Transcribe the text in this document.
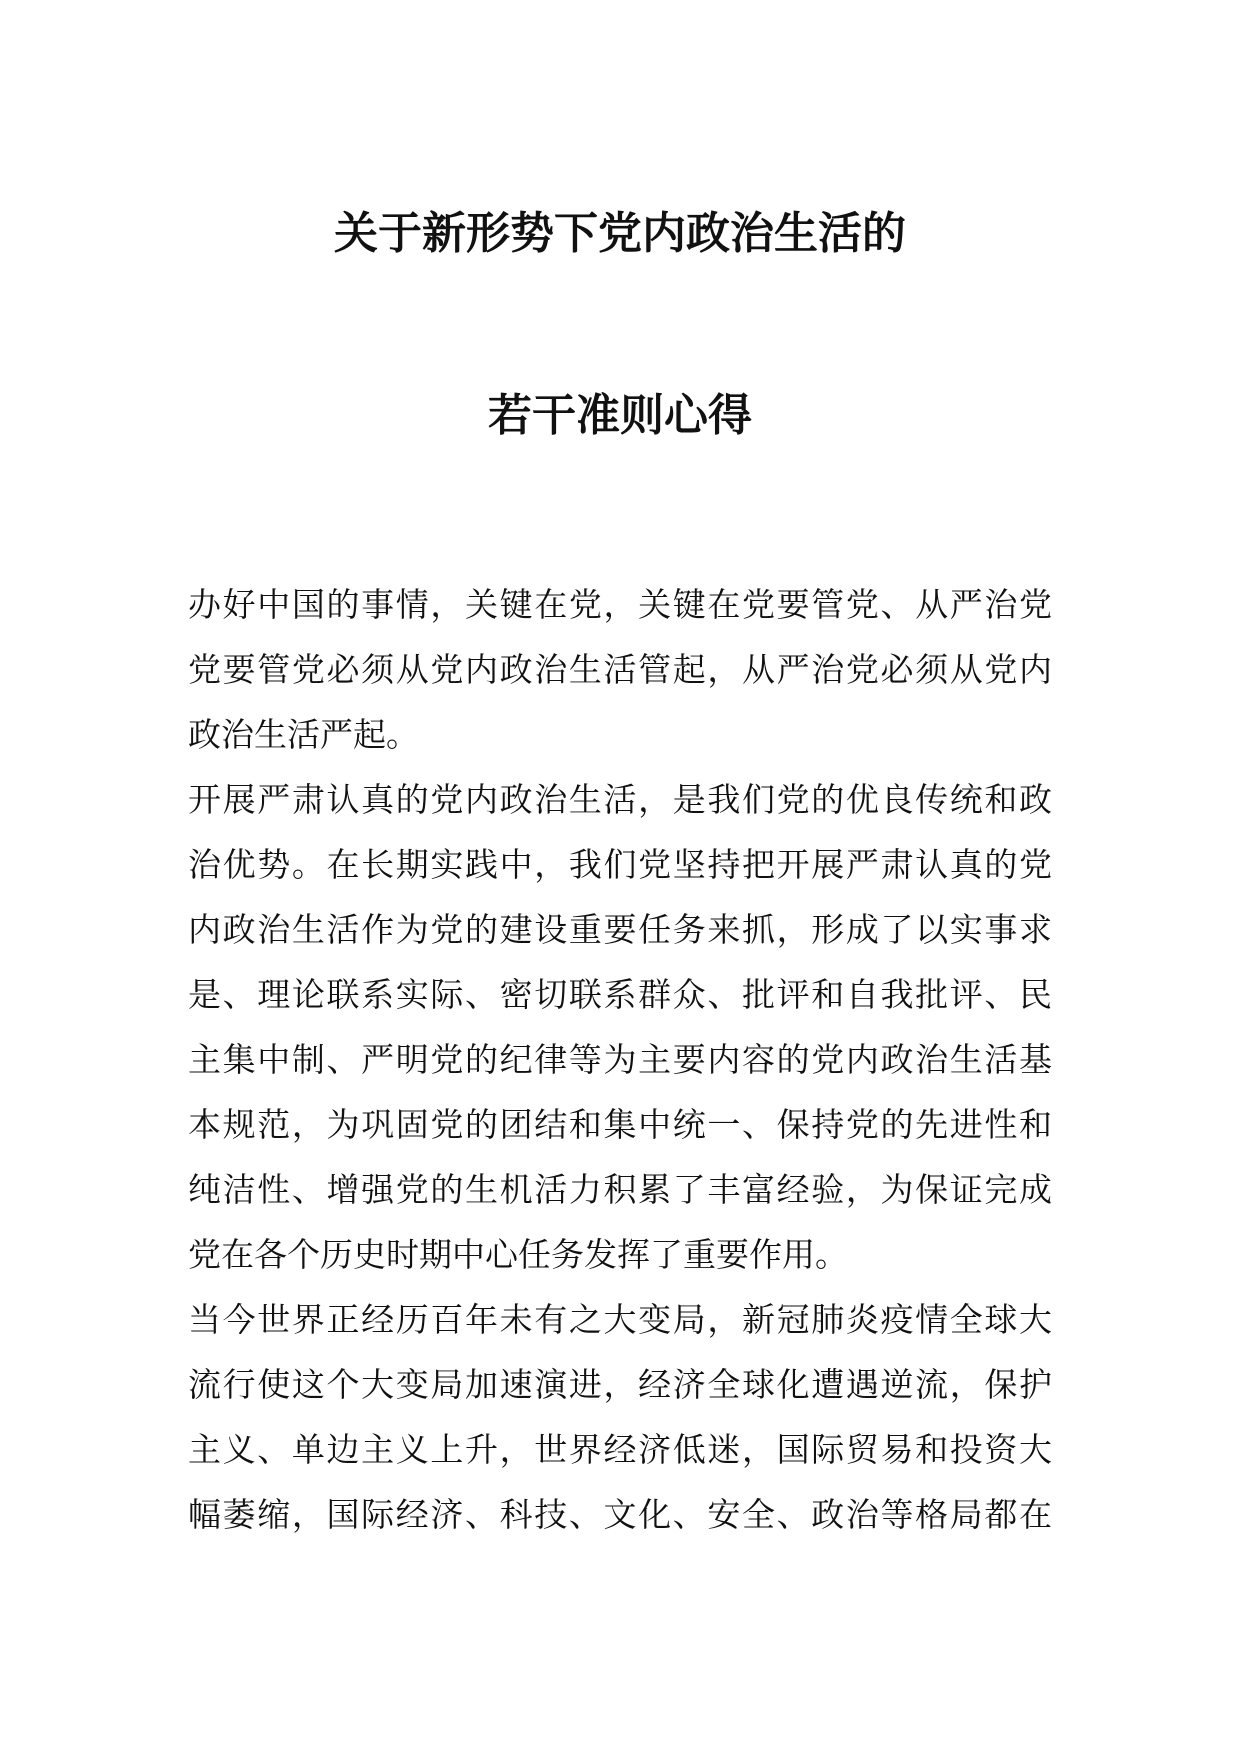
关于新形势下党内政治生活的
若干准则心得
办好中国的事情，关键在党，关键在党要管党、从严治党
党要管党必须从党内政治生活管起，从严治党必须从党内
政治生活严起。
开展严肃认真的党内政治生活，是我们党的优良传统和政
治优势。在长期实践中，我们党坚持把开展严肃认真的党
内政治生活作为党的建设重要任务来抓，形成了以实事求
是、理论联系实际、密切联系群众、批评和自我批评、民
主集中制、严明党的纪律等为主要内容的党内政治生活基
本规范，为巩固党的团结和集中统一、保持党的先进性和
纯洁性、增强党的生机活力积累了丰富经验，为保证完成
党在各个历史时期中心任务发挥了重要作用。
当今世界正经历百年未有之大变局，新冠肺炎疫情全球大
流行使这个大变局加速演进，经济全球化遭遇逆流，保护
主义、单边主义上升，世界经济低迷，国际贸易和投资大
幅萎缩，国际经济、科技、文化、安全、政治等格局都在
